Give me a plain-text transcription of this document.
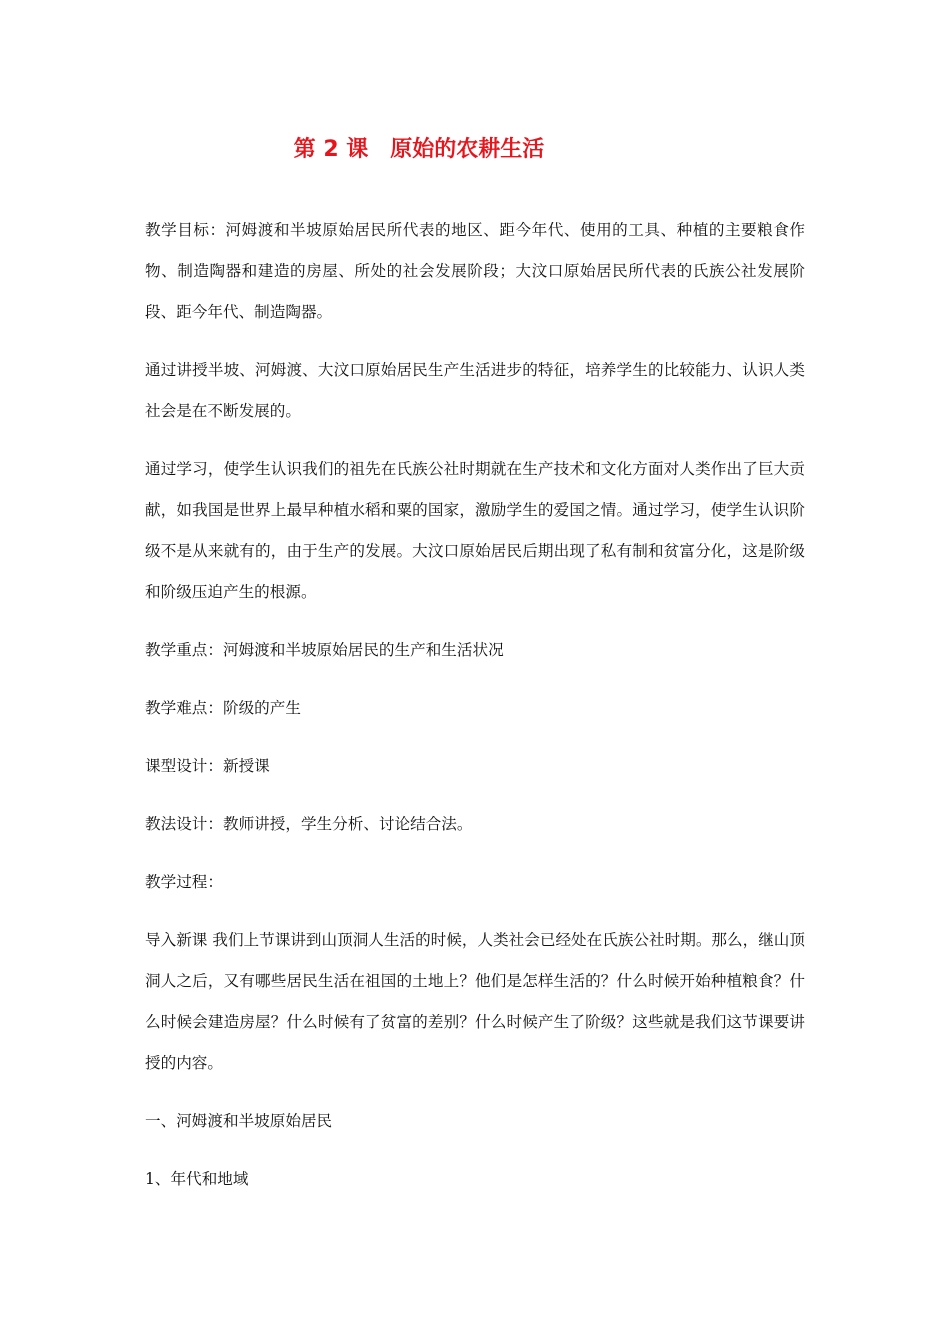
第 2 课　原始的农耕生活

教学目标：河姆渡和半坡原始居民所代表的地区、距今年代、使用的工具、种植的主要粮食作物、制造陶器和建造的房屋、所处的社会发展阶段；大汶口原始居民所代表的氏族公社发展阶段、距今年代、制造陶器。

通过讲授半坡、河姆渡、大汶口原始居民生产生活进步的特征，培养学生的比较能力、认识人类社会是在不断发展的。

通过学习，使学生认识我们的祖先在氏族公社时期就在生产技术和文化方面对人类作出了巨大贡献，如我国是世界上最早种植水稻和粟的国家，激励学生的爱国之情。通过学习，使学生认识阶级不是从来就有的，由于生产的发展。大汶口原始居民后期出现了私有制和贫富分化，这是阶级和阶级压迫产生的根源。

教学重点：河姆渡和半坡原始居民的生产和生活状况

教学难点：阶级的产生

课型设计：新授课

教法设计：教师讲授，学生分析、讨论结合法。

教学过程：

导入新课 我们上节课讲到山顶洞人生活的时候，人类社会已经处在氏族公社时期。那么，继山顶洞人之后，又有哪些居民生活在祖国的土地上？他们是怎样生活的？什么时候开始种植粮食？什么时候会建造房屋？什么时候有了贫富的差别？什么时候产生了阶级？这些就是我们这节课要讲授的内容。

一、河姆渡和半坡原始居民

1、年代和地域
